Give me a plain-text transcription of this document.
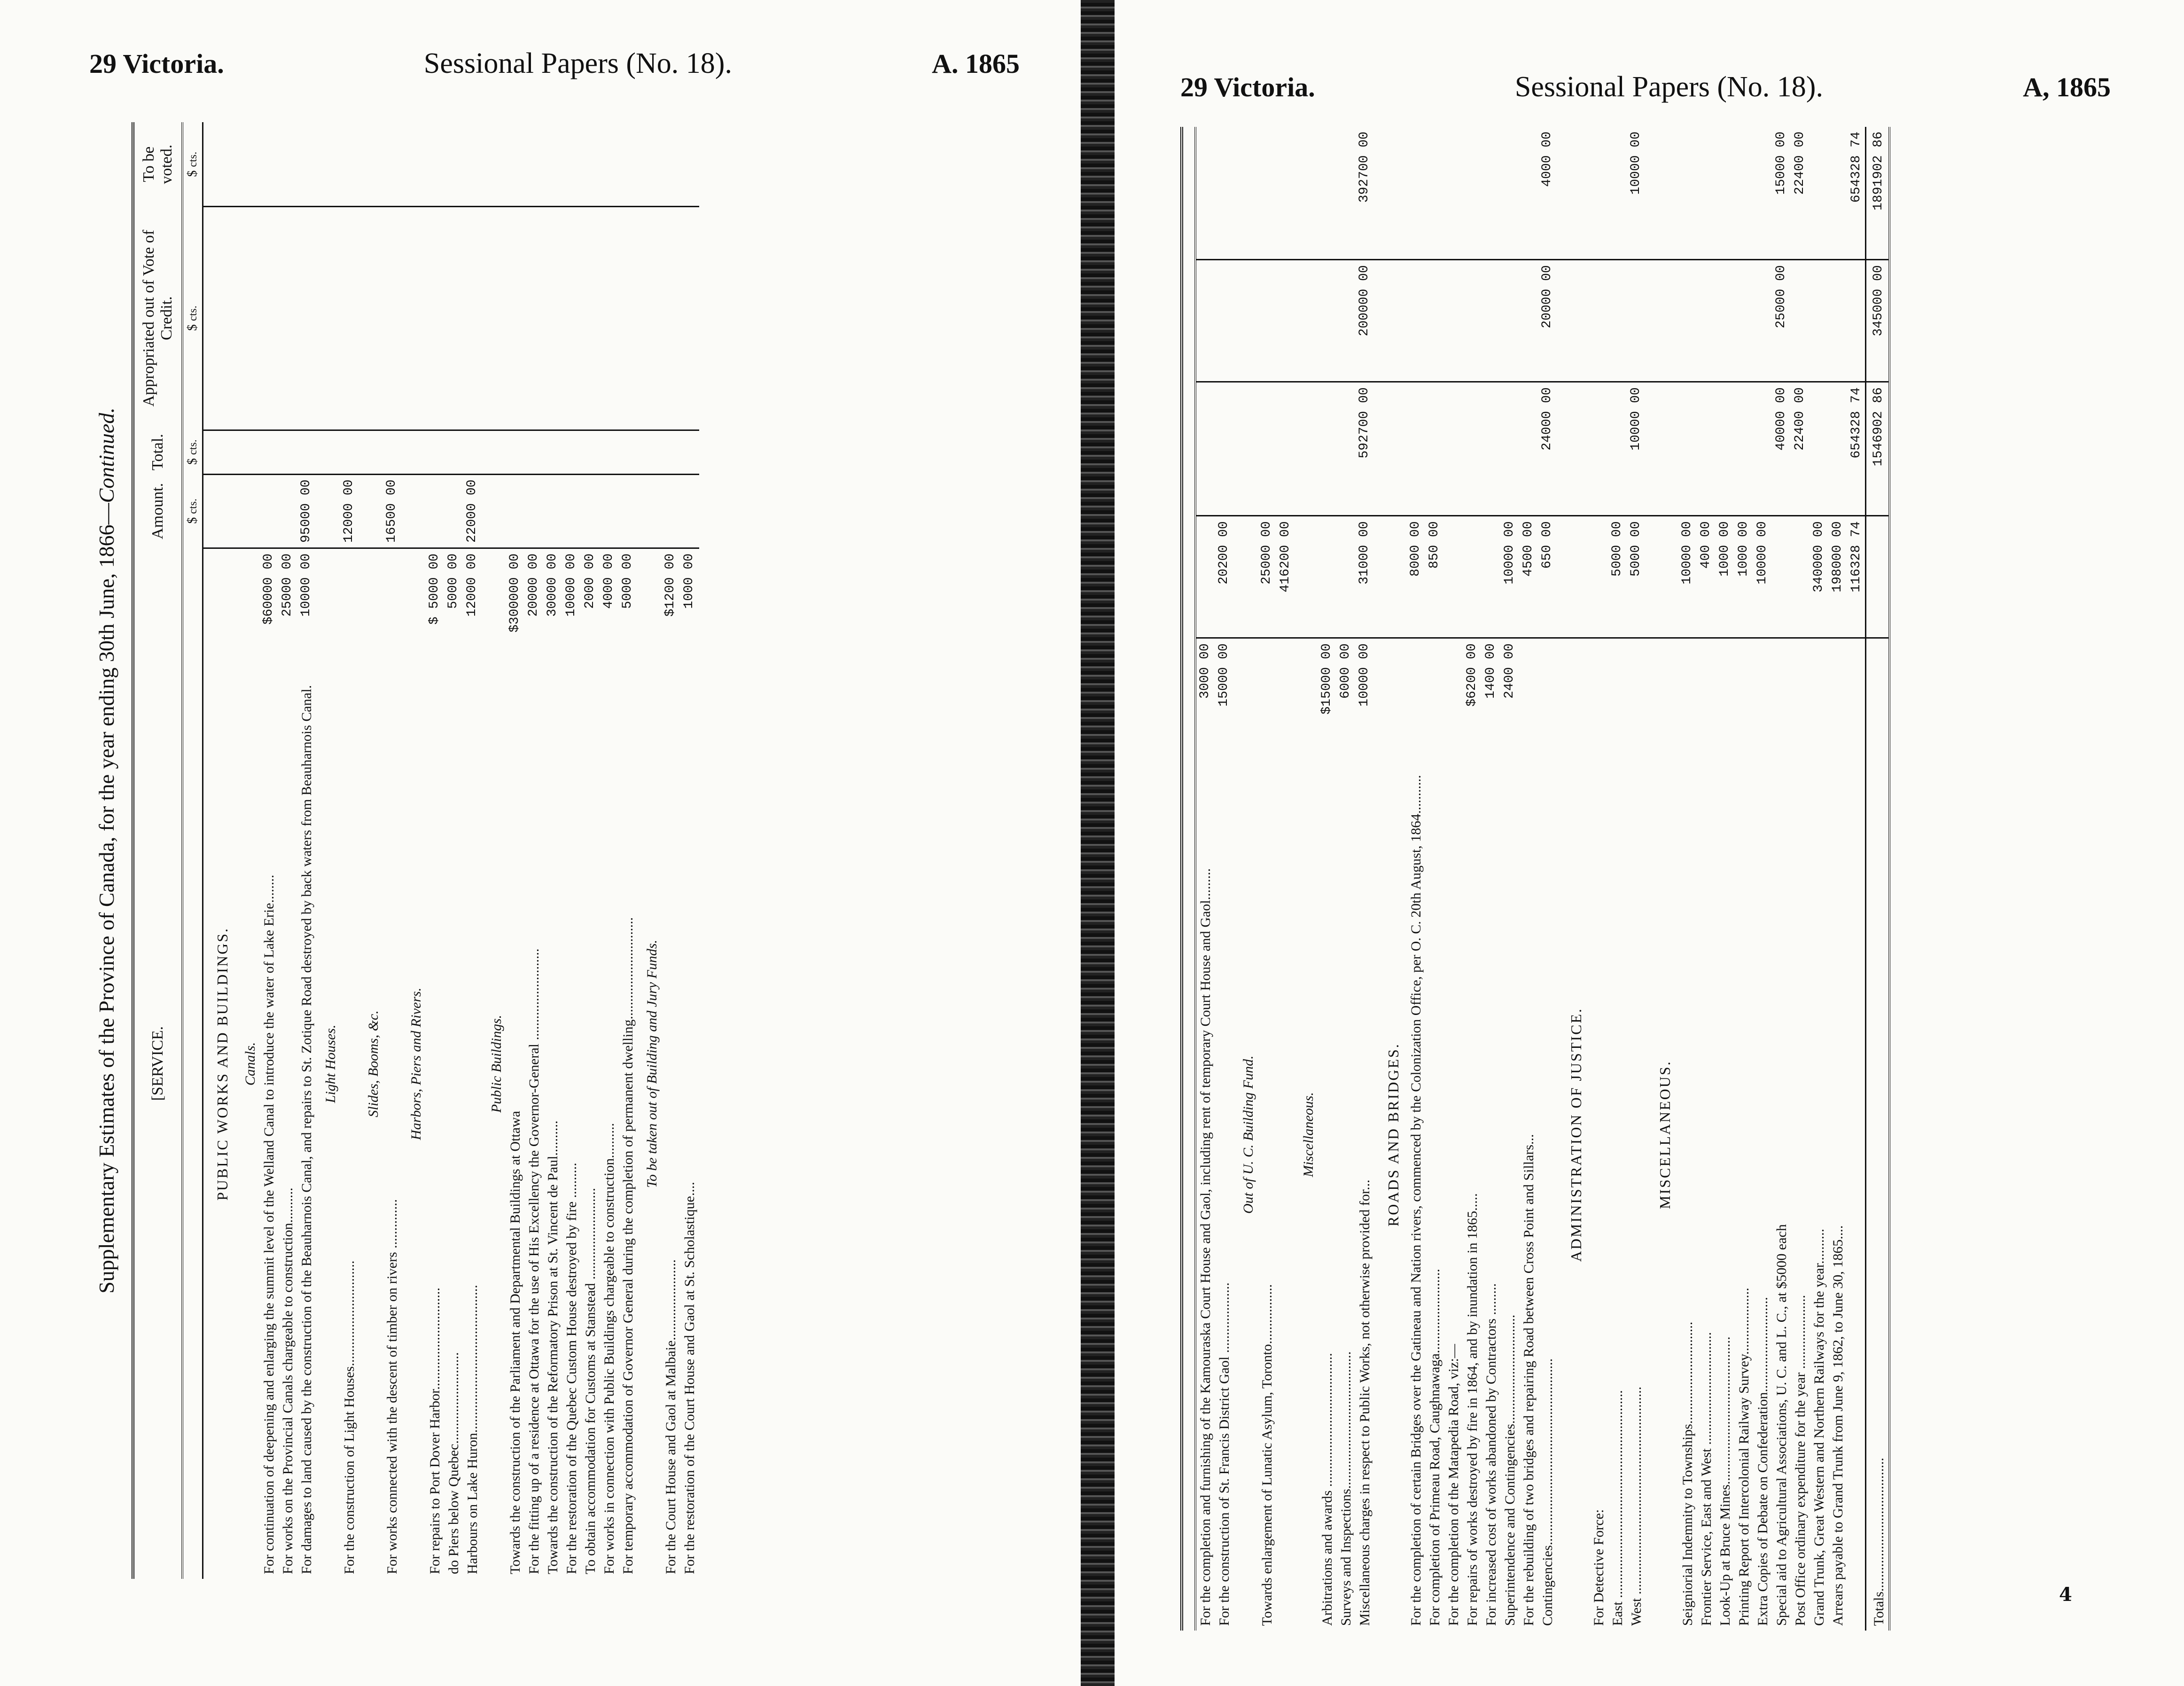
29 Victoria.	Sessional Papers (No. 18).	A. 1865
Supplementary Estimates of the Province of Canada, for the year ending 30th June, 1866—Continued.
[SERVICE.		Amount.	Total.	Appropriated out of Vote of Credit.	To be voted.
		$ cts.	$ cts.	$ cts.	$ cts.
PUBLIC WORKS AND BUILDINGS.					
Canals.					
For continuation of deepening and enlarging the summit level of the Welland Canal to introduce the water of Lake Erie........	$60000 00				
For works on the Provincial Canals chargeable to construction..........	25000 00				
For damages to land caused by the construction of the Beauharnois Canal, and repairs to St. Zotique Road destroyed by back waters from Beauharnois Canal.	10000 00	95000 00			
Light Houses.					
For the construction of Light Houses..............................		12000 00			
Slides, Booms, &c.					
For works connected with the descent of timber on rivers ..............		16500 00			
Harbors, Piers and Rivers.					
For repairs to Port Dover Harbor.............................	$ 5000 00				
do Piers below Quebec..........................	5000 00				
Harbours on Lake Huron..........................................	12000 00	22000 00			
Public Buildings.					
Towards the construction of the Parliament and Departmental Buildings at Ottawa	$300000 00				
For the fitting up of a residence at Ottawa for the use of His Excellency the Governor-General ..........................	20000 00				
Towards the construction of the Reformatory Prison at St. Vincent de Paul..........	30000 00				
For the restoration of the Quebec Custom House destroyed by fire ..........	10000 00				
To obtain accommodation for Customs at Stanstead ..........................	2000 00				
For works in connection with Public Buildings chargeable to construction..........	4000 00				
For temporary accommodation of Governor General during the completion of permanent dwelling.............................	5000 00				
To be taken out of Building and Jury Funds.					
For the Court House and Gaol at Malbaie.......................	$1200 00				
For the restoration of the Court House and Gaol at St. Scholastique....	1000 00				
29 Victoria.	Sessional Papers (No. 18).	A, 1865

For the completion and furnishing of the Kamouraska Court House and Gaol, including rent of temporary Court House and Gaol.........	3000 00				
For the construction of St. Francis District Gaol ....................	15000 00	20200 00			
Out of U. C. Building Fund.					
Towards enlargement of Lunatic Asylum, Toronto.................		25000 00			
		416200 00			
Miscellaneous.					
Arbitrations and awards ......................................	$15000 00				
Surveys and Inspections.......................................	6000 00				
Miscellaneous charges in respect to Public Works, not otherwise provided for...	10000 00	31000 00	592700 00	200000 00	392700 00
ROADS AND BRIDGES.					
For the completion of certain Bridges over the Gatineau and Nation rivers, commenced by the Colonization Office, per O. C. 20th August, 1864...........		8000 00			
For completion of Primeau Road, Caughnawaga........................		850 00			
For the completion of the Matapedia Road, viz:—					
For repairs of works destroyed by fire in 1864, and by inundation in 1865.....	$6200 00				
For increased cost of works abandoned by Contractors .........	1400 00				
Superintendence and Contingencies...............................	2400 00	10000 00			
For the rebuilding of two bridges and repairing Road between Cross Point and Sillars...		4500 00			
Contingencies.....................................................		650 00	24000 00	20000 00	4000 00
ADMINISTRATION OF JUSTICE.					
For Detective Force:					
East ...........................................................		5000 00			
West ...........................................................		5000 00	10000 00		10000 00
MISCELLANEOUS.					
Seigniorial Indemnity to Townships.............................		10000 00			
Frontier Service, East and West ................................		400 00			
Look-Up at Bruce Mines..........................................		1000 00			
Printing Report of Intercolonial Railway Survey...................		1000 00			
Extra Copies of Debate on Confederation...........................		10000 00			
Special aid to Agricultural Associations, U. C. and L. C., at $5000 each			40000 00	25000 00	15000 00
Post Office ordinary expenditure for the year .....................			22400 00		22400 00
Grand Trunk, Great Western and Northern Railways for the year..........		340000 00			
Arrears payable to Grand Trunk from June 9, 1862, to June 30, 1865....		198000 00			
		116328 74	654328 74		654328 74
Totals......................................			1546902 86	345000 00	1891902 86
4
